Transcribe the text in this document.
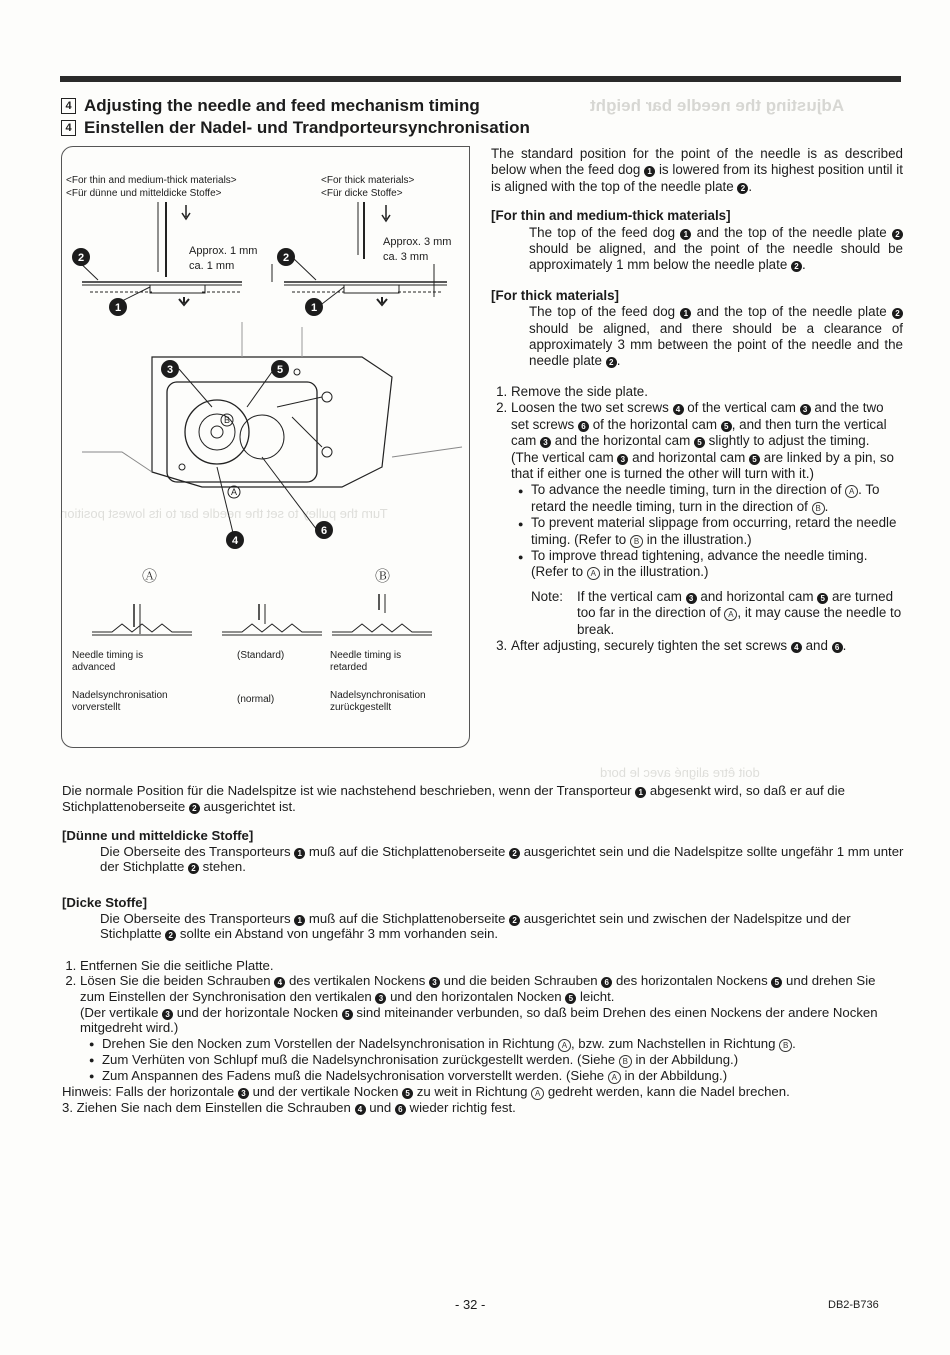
Adjusting the needle bar height
Turn the pulley to set the needle bar to its lowest position
doit être aligné avec le bord
4 Adjusting the needle and feed mechanism timing
4 Einstellen der Nadel- und Trandporteursynchronisation
2
1
2
1
3	5
4
6
B
A
<For thin and medium-thick materials>
<Für dünne und mitteldicke Stoffe>
<For thick materials>
<Für dicke Stoffe>
Approx. 1 mm
ca. 1 mm
Approx. 3 mm
ca. 3 mm
Ⓐ	Ⓑ
Needle timing is advanced
(Standard)	Needle timing is retarded
Nadelsynchronisation vorverstellt
(normal)	Nadelsynchronisation zurückgestellt

The standard position for the point of the needle is as described below when the feed dog 1 is lowered from its highest position until it is aligned with the top of the needle plate 2 .

[For thin and medium-thick materials]

The top of the feed dog 1 and the top of the needle plate 2 should be aligned, and the point of the needle should be approximately 1 mm below the needle plate 2 .

[For thick materials]

The top of the feed dog 1 and the top of the needle plate 2 should be aligned, and there should be a clearance of approximately 3 mm between the point of the needle and the needle plate 2 .

1. Remove the side plate.
2. Loosen the two set screws 4 of the vertical cam 3 and the two set screws 6 of the horizontal cam 5 , and then turn the vertical cam 3 and the horizontal cam 5 slightly to adjust the timing.
(The vertical cam 3 and horizontal cam 5 are linked by a pin, so that if either one is turned the other will turn with it.)
● To advance the needle timing, turn in the direction of A . To retard the needle timing, turn in the direction of B .
● To prevent material slippage from occurring, retard the needle timing. (Refer to B in the illustration.)
● To improve thread tightening, advance the needle timing. (Refer to A in the illustration.)
Note:	If the vertical cam 3 and horizontal cam 5 are turned too far in the direction of A , it may cause the needle to break.
3. After adjusting, securely tighten the set screws 4 and 6 .

Die normale Position für die Nadelspitze ist wie nachstehend beschrieben, wenn der Transporteur 1 abgesenkt wird, so daß er auf die Stichplattenoberseite 2 ausgerichtet ist.

[Dünne und mitteldicke Stoffe]

Die Oberseite des Transporteurs 1 muß auf die Stichplattenoberseite 2 ausgerichtet sein und die Nadelspitze sollte ungefähr 1 mm unter der Stichplatte 2 stehen.

[Dicke Stoffe]

Die Oberseite des Transporteurs 1 muß auf die Stichplattenoberseite 2 ausgerichtet sein und zwischen der Nadelspitze und der Stichplatte 2 sollte ein Abstand von ungefähr 3 mm vorhanden sein.

1. Entfernen Sie die seitliche Platte.
2. Lösen Sie die beiden Schrauben 4 des vertikalen Nockens 3 und die beiden Schrauben 6 des horizontalen Nockens 5 und drehen Sie zum Einstellen der Synchronisation den vertikalen 3 und den horizontalen Nocken 5 leicht.
(Der vertikale 3 und der horizontale Nocken 5 sind miteinander verbunden, so daß beim Drehen des einen Nockens der andere Nocken mitgedreht wird.)
● Drehen Sie den Nocken zum Vorstellen der Nadelsynchronisation in Richtung A , bzw. zum Nachstellen in Richtung B .
● Zum Verhüten von Schlupf muß die Nadelsynchronisation zurückgestellt werden. (Siehe B in der Abbildung.)
● Zum Anspannen des Fadens muß die Nadelsychronisation vorverstellt werden. (Siehe A in der Abbildung.)
Hinweis: Falls der horizontale 3 und der vertikale Nocken 5 zu weit in Richtung A gedreht werden, kann die Nadel brechen.
3. Ziehen Sie nach dem Einstellen die Schrauben 4 und 6 wieder richtig fest.
- 32 -	DB2-B736
